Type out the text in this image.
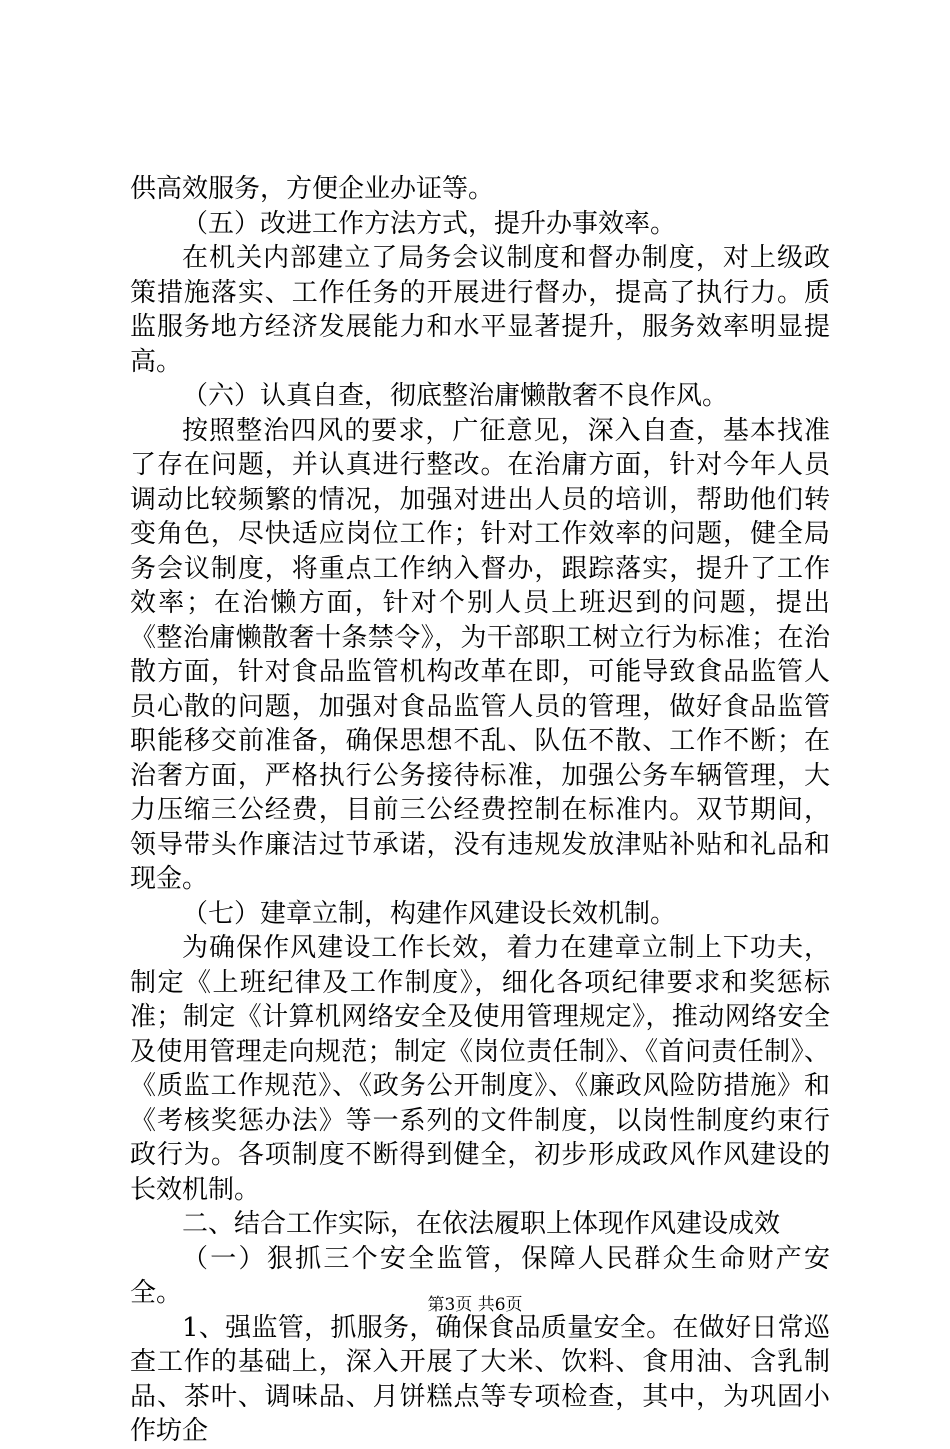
供高效服务，方便企业办证等。

（五）改进工作方法方式，提升办事效率。

在机关内部建立了局务会议制度和督办制度，对上级政策措施落实、工作任务的开展进行督办，提高了执行力。质监服务地方经济发展能力和水平显著提升，服务效率明显提高。

（六）认真自查，彻底整治庸懒散奢不良作风。

按照整治四风的要求，广征意见，深入自查，基本找准了存在问题，并认真进行整改。在治庸方面，针对今年人员调动比较频繁的情况，加强对进出人员的培训，帮助他们转变角色，尽快适应岗位工作；针对工作效率的问题，健全局务会议制度，将重点工作纳入督办，跟踪落实，提升了工作效率；在治懒方面，针对个别人员上班迟到的问题，提出《整治庸懒散奢十条禁令》，为干部职工树立行为标准；在治散方面，针对食品监管机构改革在即，可能导致食品监管人员心散的问题，加强对食品监管人员的管理，做好食品监管职能移交前准备，确保思想不乱、队伍不散、工作不断；在治奢方面，严格执行公务接待标准，加强公务车辆管理，大力压缩三公经费，目前三公经费控制在标准内。双节期间，领导带头作廉洁过节承诺，没有违规发放津贴补贴和礼品和现金。

（七）建章立制，构建作风建设长效机制。

为确保作风建设工作长效，着力在建章立制上下功夫，制定《上班纪律及工作制度》，细化各项纪律要求和奖惩标准；制定《计算机网络安全及使用管理规定》，推动网络安全及使用管理走向规范；制定《岗位责任制》、《首问责任制》、《质监工作规范》、《政务公开制度》、《廉政风险防措施》和《考核奖惩办法》等一系列的文件制度，以岗性制度约束行政行为。各项制度不断得到健全，初步形成政风作风建设的长效机制。

二、结合工作实际，在依法履职上体现作风建设成效

（一）狠抓三个安全监管，保障人民群众生命财产安全。

1、强监管，抓服务，确保食品质量安全。在做好日常巡查工作的基础上，深入开展了大米、饮料、食用油、含乳制品、茶叶、调味品、月饼糕点等专项检查，其中，为巩固小作坊企

第3页 共6页
